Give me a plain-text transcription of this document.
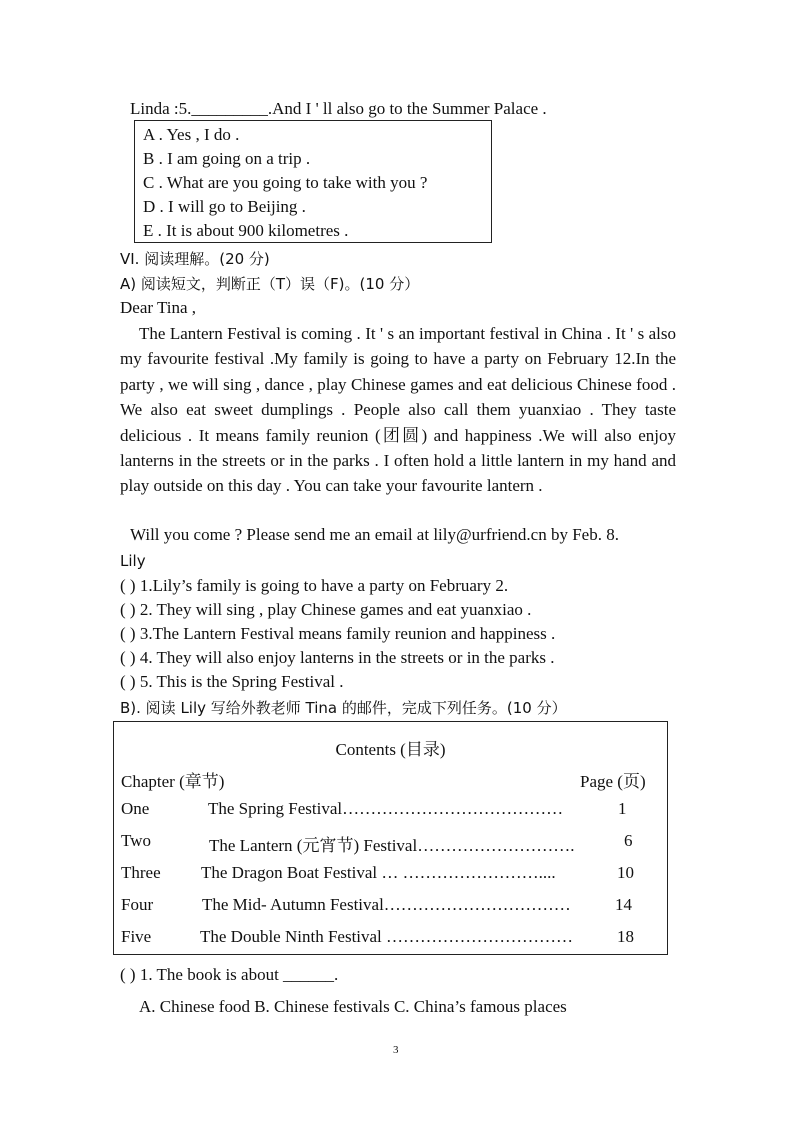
Linda :5._________.And I ' ll also go to the Summer Palace .
A . Yes , I do .
B . I am going on a trip .
C . What are you going to take with you ?
D . I will go to Beijing .
E . It is about 900 kilometres .
VI. 阅读理解。(20 分)
A) 阅读短文，判断正（T）误（F)。(10 分）
Dear Tina ,

The Lantern Festival is coming . It ' s an important festival in China . It ' s also my favourite festival .My family is going to have a party on February 12.In the party , we will sing , dance , play Chinese games and eat delicious Chinese food . We also eat sweet dumplings . People also call them yuanxiao . They taste delicious . It means family reunion (团圆) and happiness .We will also enjoy lanterns in the streets or in the parks . I often hold a little lantern in my hand and play outside on this day . You can take your favourite lantern .

Will you come ? Please send me an email at lily@urfriend.cn by Feb. 8.
Lily
( ) 1.Lily’s family is going to have a party on February 2.
( ) 2. They will sing , play Chinese games and eat yuanxiao .
( ) 3.The Lantern Festival means family reunion and happiness .
( ) 4. They will also enjoy lanterns in the streets or in the parks .
( ) 5. This is the Spring Festival .
B). 阅读 Lily 写给外教老师 Tina 的邮件，完成下列任务。(10 分）
Contents (目录)
Chapter (章节)	Page (页)
One	The Spring Festival…………………………………	1
Two	The Lantern (元宵节) Festival……………………….	6
Three The Dragon Boat Festival … ……………………....	10
Four	The Mid- Autumn Festival……………………………	14
Five	The Double Ninth Festival ……………………………	18
( ) 1. The book is about ______.
A. Chinese food B. Chinese festivals C. China’s famous places
3
